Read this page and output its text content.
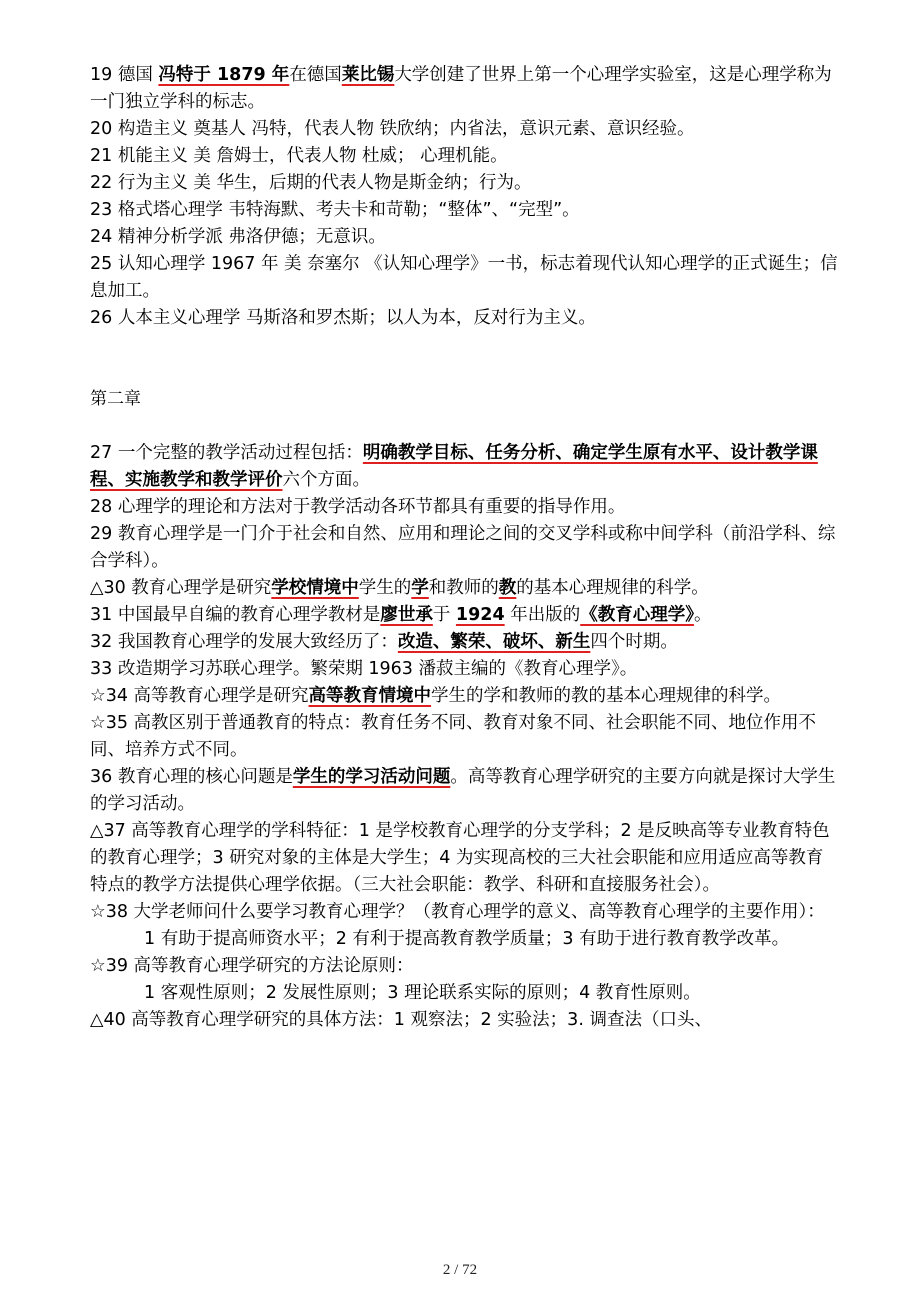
19 德国 冯特于 1879 年在德国莱比锡大学创建了世界上第一个心理学实验室，这是心理学称为一门独立学科的标志。

20 构造主义 奠基人 冯特，代表人物 铁欣纳；内省法，意识元素、意识经验。

21 机能主义 美 詹姆士，代表人物 杜威； 心理机能。

22 行为主义 美 华生，后期的代表人物是斯金纳；行为。

23 格式塔心理学 韦特海默、考夫卡和苛勒；“整体”、“完型”。

24 精神分析学派 弗洛伊德；无意识。

25 认知心理学 1967 年 美 奈塞尔 《认知心理学》一书，标志着现代认知心理学的正式诞生；信息加工。

26 人本主义心理学 马斯洛和罗杰斯；以人为本，反对行为主义。

第二章

27 一个完整的教学活动过程包括：明确教学目标、任务分析、确定学生原有水平、设计教学课程、实施教学和教学评价六个方面。

28 心理学的理论和方法对于教学活动各环节都具有重要的指导作用。

29 教育心理学是一门介于社会和自然、应用和理论之间的交叉学科或称中间学科（前沿学科、综合学科）。

△30 教育心理学是研究学校情境中学生的学和教师的教的基本心理规律的科学。

31 中国最早自编的教育心理学教材是廖世承于 1924 年出版的《教育心理学》。

32 我国教育心理学的发展大致经历了：改造、繁荣、破坏、新生四个时期。

33 改造期学习苏联心理学。繁荣期 1963 潘菽主编的《教育心理学》。

☆34 高等教育心理学是研究高等教育情境中学生的学和教师的教的基本心理规律的科学。

☆35 高教区别于普通教育的特点：教育任务不同、教育对象不同、社会职能不同、地位作用不同、培养方式不同。

36 教育心理的核心问题是学生的学习活动问题。高等教育心理学研究的主要方向就是探讨大学生的学习活动。

△37 高等教育心理学的学科特征：1 是学校教育心理学的分支学科；2 是反映高等专业教育特色的教育心理学；3 研究对象的主体是大学生；4 为实现高校的三大社会职能和应用适应高等教育特点的教学方法提供心理学依据。（三大社会职能：教学、科研和直接服务社会）。

☆38 大学老师问什么要学习教育心理学？（教育心理学的意义、高等教育心理学的主要作用）：

1 有助于提高师资水平；2 有利于提高教育教学质量；3 有助于进行教育教学改革。

☆39 高等教育心理学研究的方法论原则：

1 客观性原则；2 发展性原则；3 理论联系实际的原则；4 教育性原则。

△40 高等教育心理学研究的具体方法：1 观察法；2 实验法；3. 调查法（口头、

2 / 72
